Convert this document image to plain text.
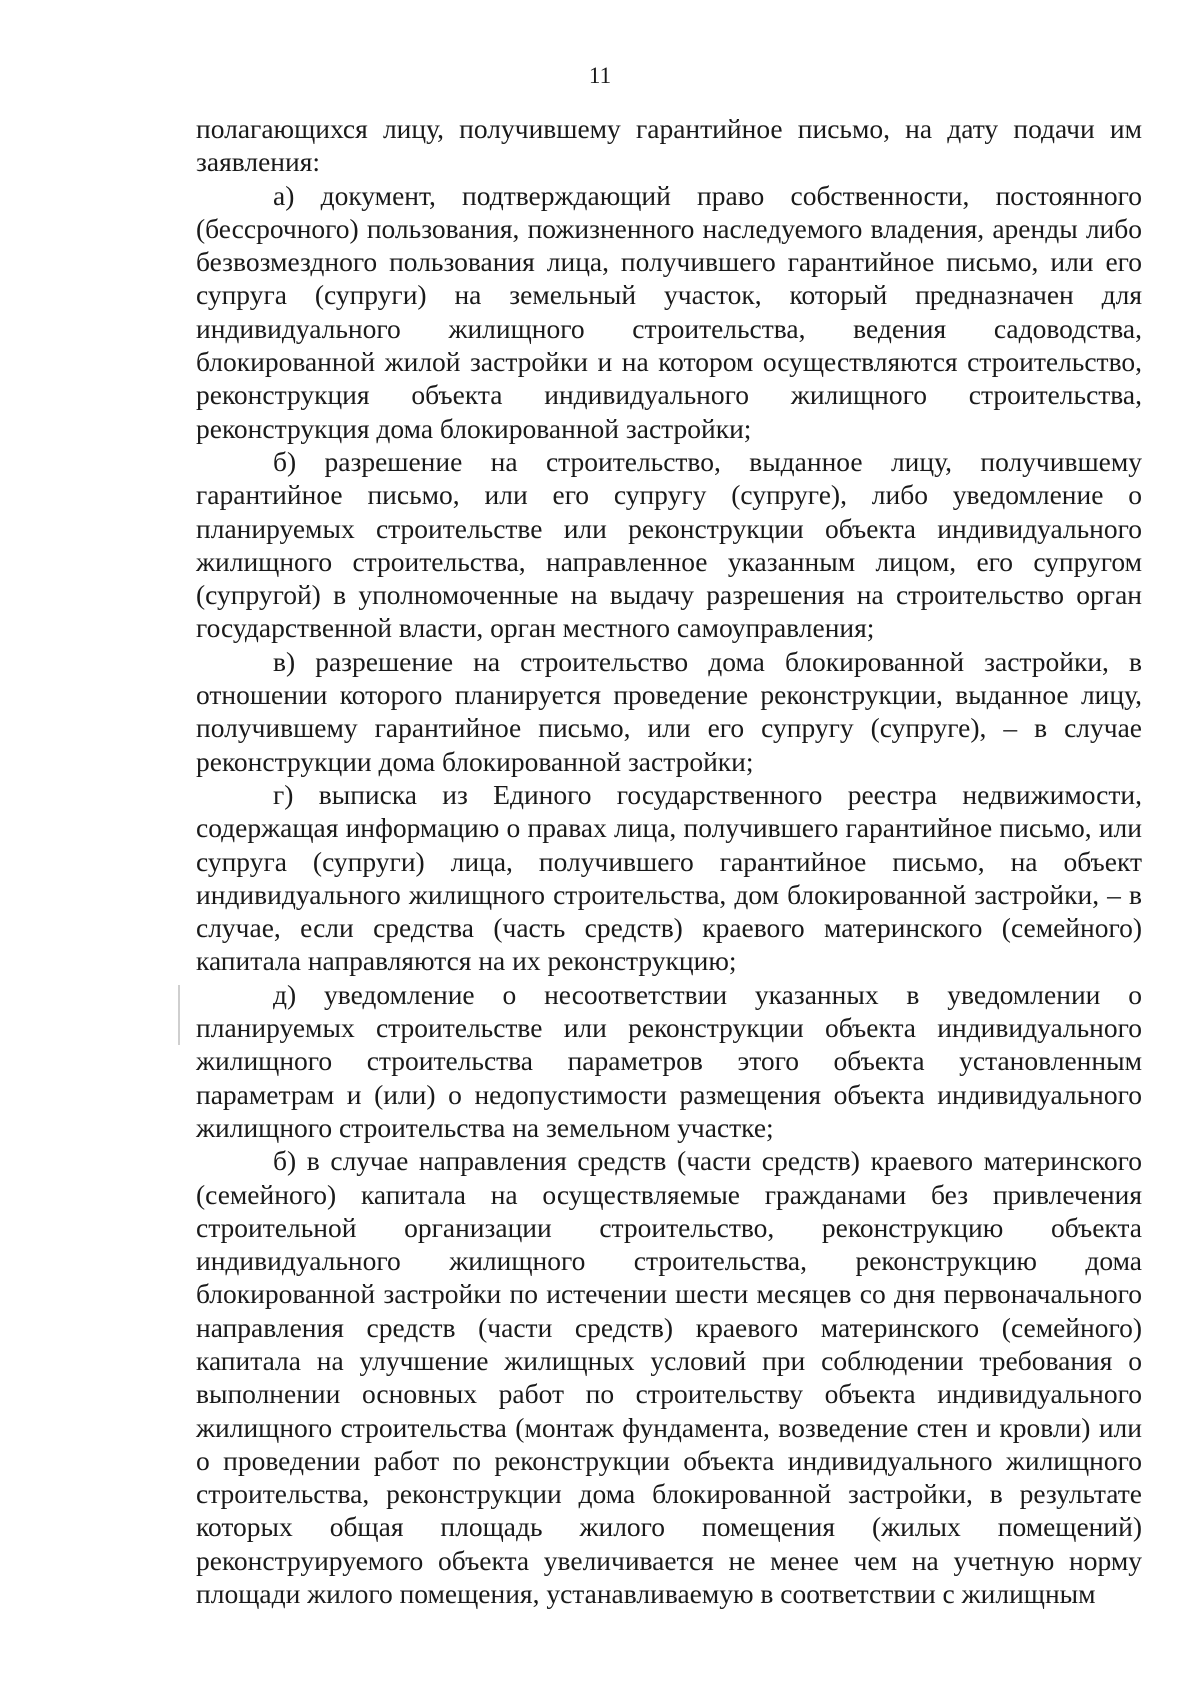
11

полагающихся лицу, получившему гарантийное письмо, на дату подачи им заявления:

а) документ, подтверждающий право собственности, постоянного (бессрочного) пользования, пожизненного наследуемого владения, аренды либо безвозмездного пользования лица, получившего гарантийное письмо, или его супруга (супруги) на земельный участок, который предназначен для индивидуального жилищного строительства, ведения садоводства, блокированной жилой застройки и на котором осуществляются строительство, реконструкция объекта индивидуального жилищного строительства, реконструкция дома блокированной застройки;

б) разрешение на строительство, выданное лицу, получившему гарантийное письмо, или его супругу (супруге), либо уведомление о планируемых строительстве или реконструкции объекта индивидуального жилищного строительства, направленное указанным лицом, его супругом (супругой) в уполномоченные на выдачу разрешения на строительство орган государственной власти, орган местного самоуправления;

в) разрешение на строительство дома блокированной застройки, в отношении которого планируется проведение реконструкции, выданное лицу, получившему гарантийное письмо, или его супругу (супруге), – в случае реконструкции дома блокированной застройки;

г) выписка из Единого государственного реестра недвижимости, содержащая информацию о правах лица, получившего гарантийное письмо, или супруга (супруги) лица, получившего гарантийное письмо, на объект индивидуального жилищного строительства, дом блокированной застройки, – в случае, если средства (часть средств) краевого материнского (семейного) капитала направляются на их реконструкцию;

д) уведомление о несоответствии указанных в уведомлении о планируемых строительстве или реконструкции объекта индивидуального жилищного строительства параметров этого объекта установленным параметрам и (или) о недопустимости размещения объекта индивидуального жилищного строительства на земельном участке;

б) в случае направления средств (части средств) краевого материнского (семейного) капитала на осуществляемые гражданами без привлечения строительной организации строительство, реконструкцию объекта индивидуального жилищного строительства, реконструкцию дома блокированной застройки по истечении шести месяцев со дня первоначального направления средств (части средств) краевого материнского (семейного) капитала на улучшение жилищных условий при соблюдении требования о выполнении основных работ по строительству объекта индивидуального жилищного строительства (монтаж фундамента, возведение стен и кровли) или о проведении работ по реконструкции объекта индивидуального жилищного строительства, реконструкции дома блокированной застройки, в результате которых общая площадь жилого помещения (жилых помещений) реконструируемого объекта увеличивается не менее чем на учетную норму площади жилого помещения, устанавливаемую в соответствии с жилищным
